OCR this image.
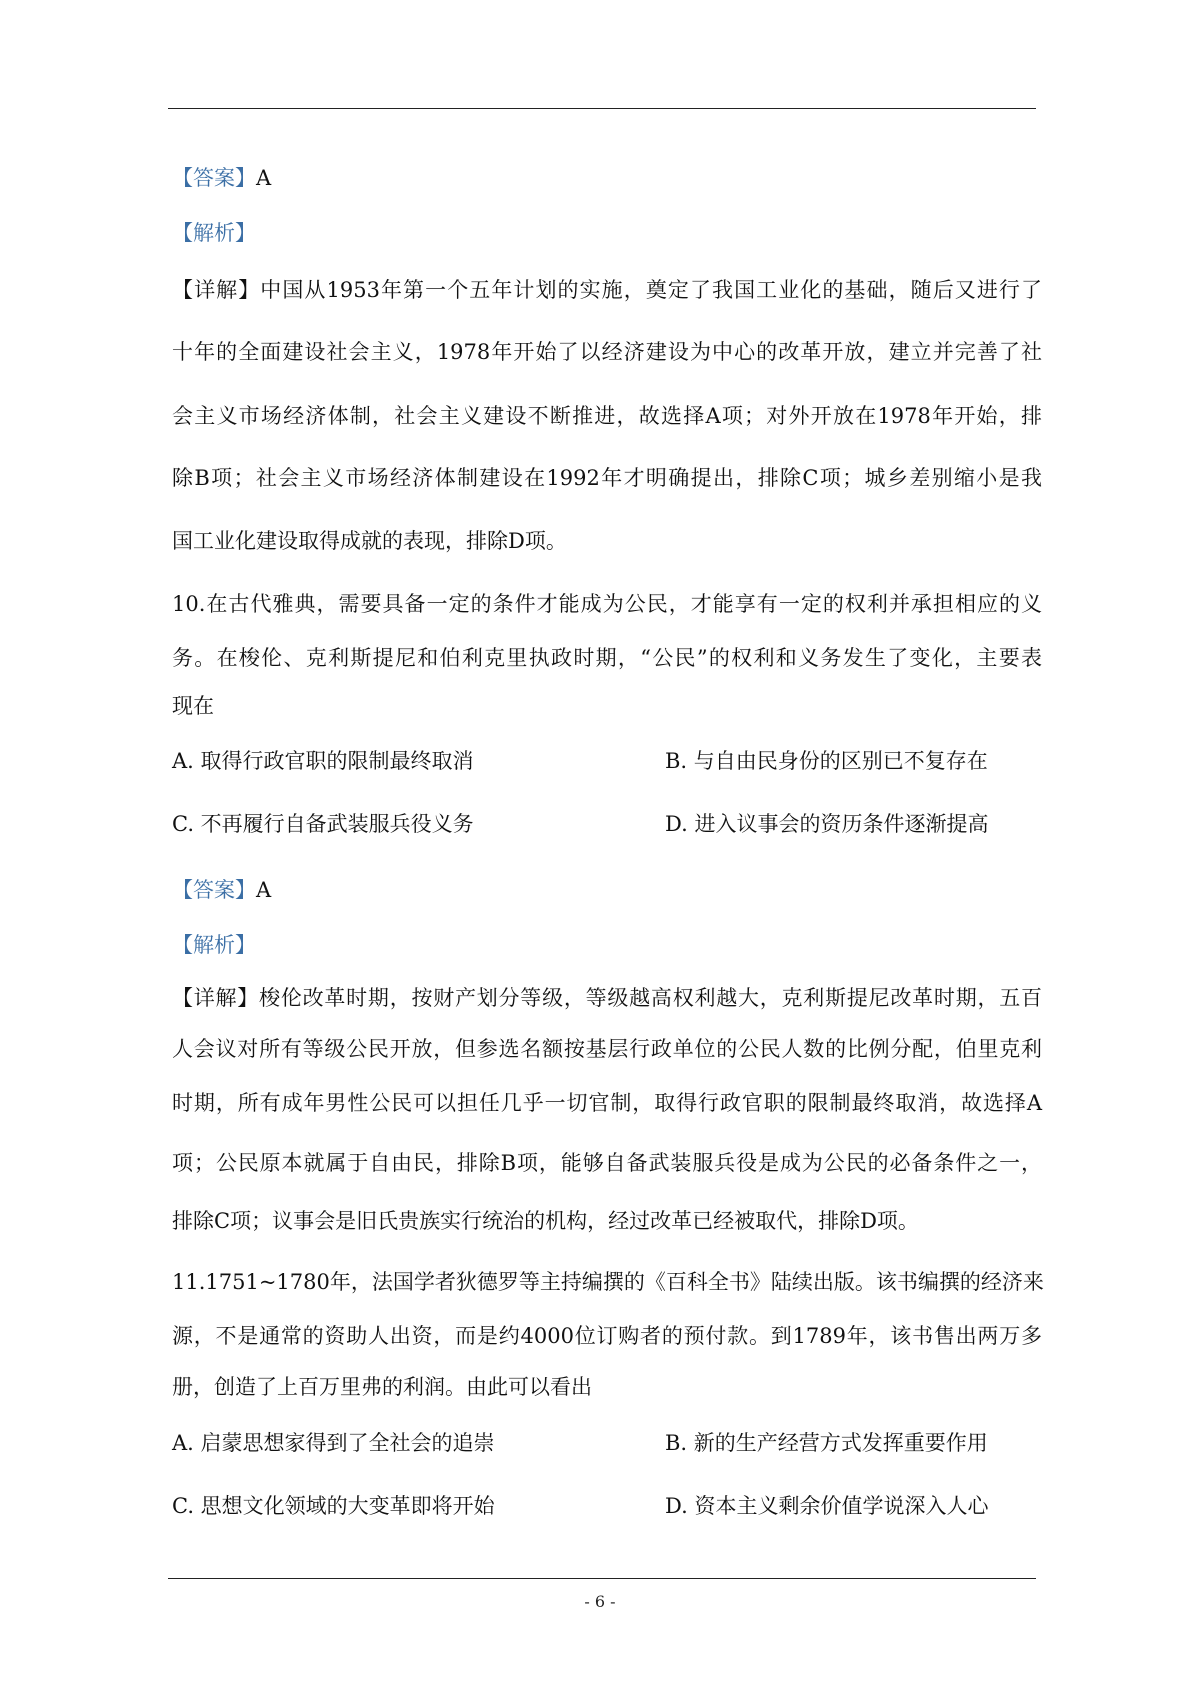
【答案】A
【解析】
【详解】中国从1953年第一个五年计划的实施，奠定了我国工业化的基础，随后又进行了
十年的全面建设社会主义，1978年开始了以经济建设为中心的改革开放，建立并完善了社
会主义市场经济体制，社会主义建设不断推进，故选择A项；对外开放在1978年开始，排
除B项；社会主义市场经济体制建设在1992年才明确提出，排除C项；城乡差别缩小是我
国工业化建设取得成就的表现，排除D项。
10.在古代雅典，需要具备一定的条件才能成为公民，才能享有一定的权利并承担相应的义
务。在梭伦、克利斯提尼和伯利克里执政时期，“公民”的权利和义务发生了变化，主要表
现在
A. 取得行政官职的限制最终取消	B. 与自由民身份的区别已不复存在
C. 不再履行自备武装服兵役义务	D. 进入议事会的资历条件逐渐提高
【答案】A
【解析】
【详解】梭伦改革时期，按财产划分等级，等级越高权利越大，克利斯提尼改革时期，五百
人会议对所有等级公民开放，但参选名额按基层行政单位的公民人数的比例分配，伯里克利
时期，所有成年男性公民可以担任几乎一切官制，取得行政官职的限制最终取消，故选择A
项；公民原本就属于自由民，排除B项，能够自备武装服兵役是成为公民的必备条件之一，
排除C项；议事会是旧氏贵族实行统治的机构，经过改革已经被取代，排除D项。
11.1751~1780年，法国学者狄德罗等主持编撰的《百科全书》陆续出版。该书编撰的经济来
源，不是通常的资助人出资，而是约4000位订购者的预付款。到1789年，该书售出两万多
册，创造了上百万里弗的利润。由此可以看出
A. 启蒙思想家得到了全社会的追崇	B. 新的生产经营方式发挥重要作用
C. 思想文化领域的大变革即将开始	D. 资本主义剩余价值学说深入人心
- 6 -
